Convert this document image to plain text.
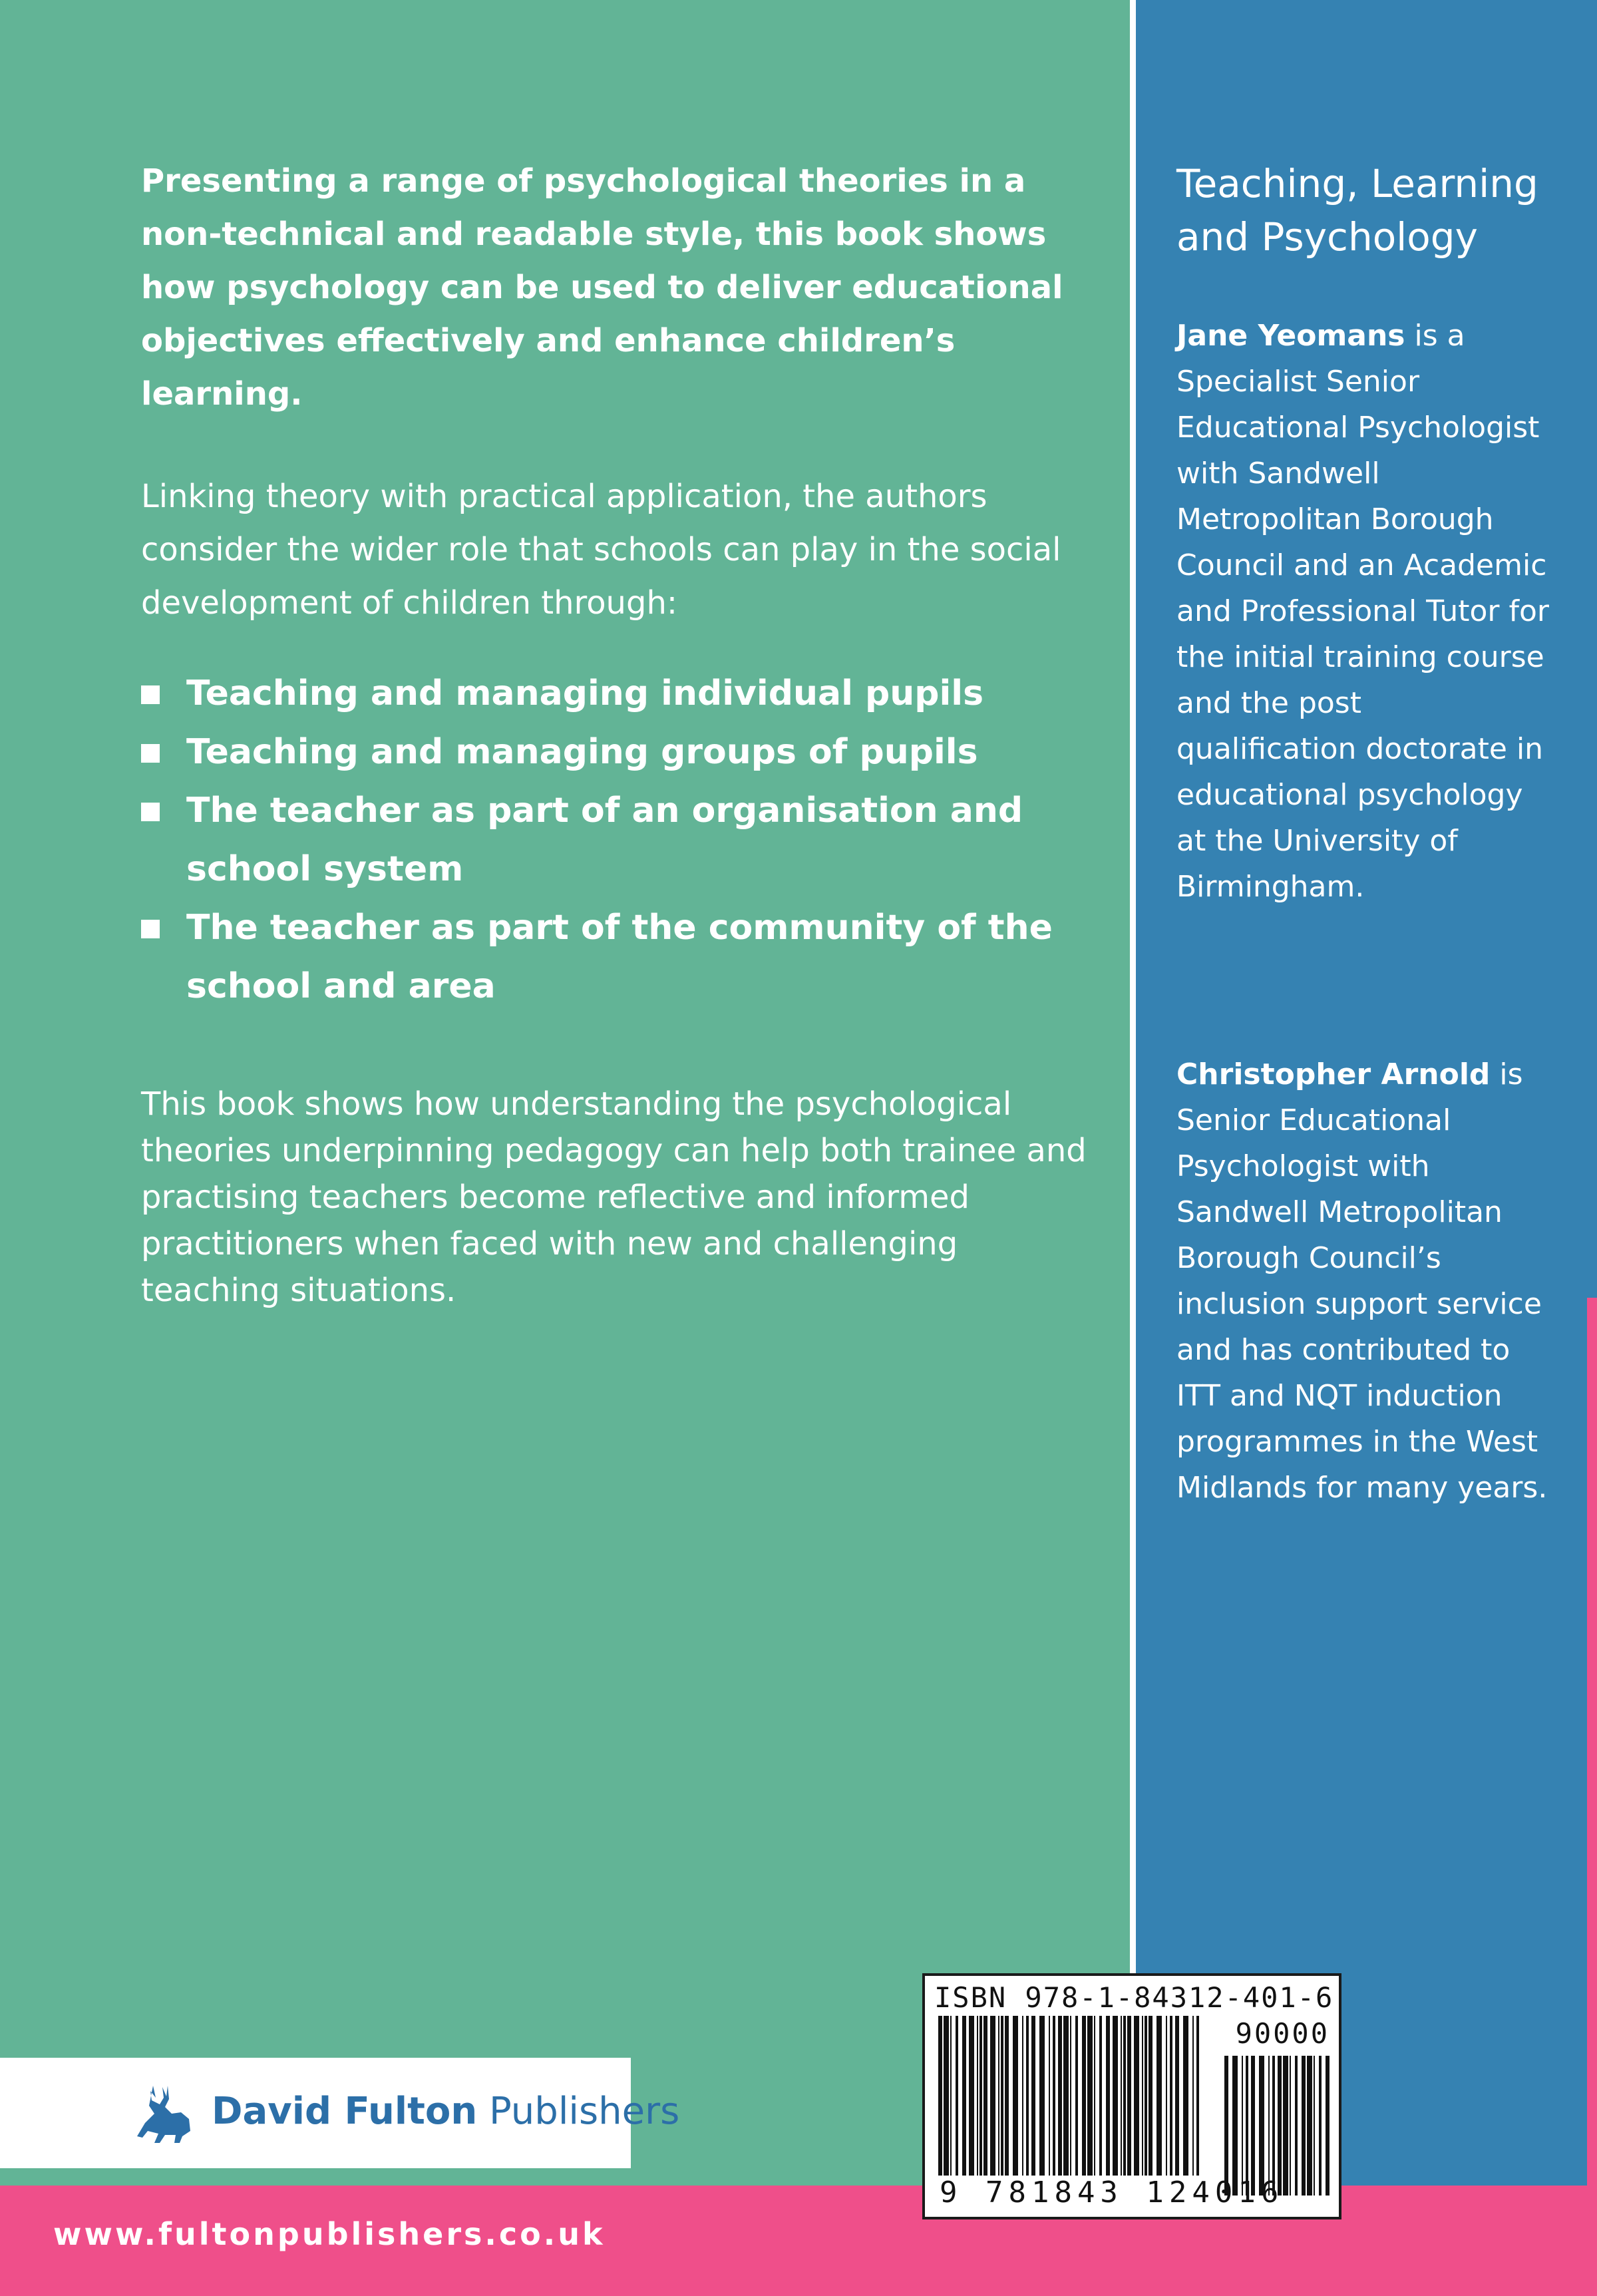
Presenting a range of psychological theories in a non-technical and readable style, this book shows how psychology can be used to deliver educational objectives effectively and enhance children’s learning.

Linking theory with practical application, the authors consider the wider role that schools can play in the social development of children through:

Teaching and managing individual pupils
Teaching and managing groups of pupils
The teacher as part of an organisation and school system
The teacher as part of the community of the school and area

This book shows how understanding the psychological theories underpinning pedagogy can help both trainee and practising teachers become reflective and informed practitioners when faced with new and challenging teaching situations.

Teaching, Learning and Psychology

Jane Yeomans is a Specialist Senior Educational Psychologist with Sandwell Metropolitan Borough Council and an Academic and Professional Tutor for the initial training course and the post qualification doctorate in educational psychology at the University of Birmingham.

Christopher Arnold is Senior Educational Psychologist with Sandwell Metropolitan Borough Council’s inclusion support service and has contributed to ITT and NQT induction programmes in the West Midlands for many years.

ISBN 978-1-84312-401-6
90000
9 781843 124016
David Fulton Publishers
www.fultonpublishers.co.uk
